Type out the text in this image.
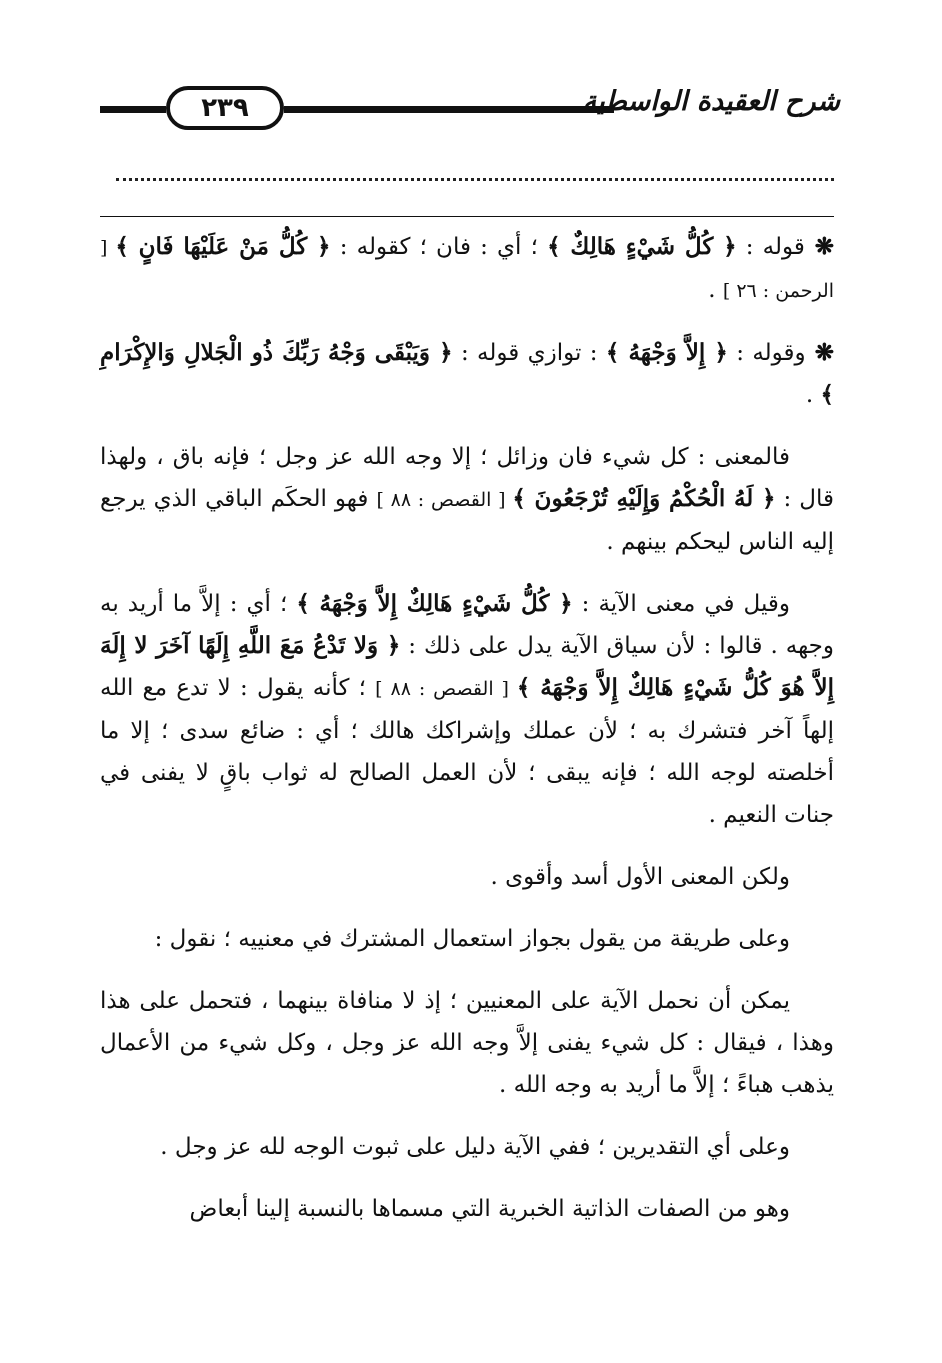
٢٣٩	شرح العقيدة الواسطية

❋ قوله : ﴿ كُلُّ شَيْءٍ هَالِكٌ ﴾ ؛ أي : فان ؛ كقوله : ﴿ كُلُّ مَنْ عَلَيْهَا فَانٍ ﴾ [ الرحمن : ٢٦ ] .

❋ وقوله : ﴿ إِلاَّ وَجْهَهُ ﴾ : توازي قوله : ﴿ وَيَبْقَى وَجْهُ رَبِّكَ ذُو الْجَلالِ وَالإِكْرَامِ ﴾ .

فالمعنى : كل شيء فان وزائل ؛ إلا وجه الله عز وجل ؛ فإنه باق ، ولهذا قال : ﴿ لَهُ الْحُكْمُ وَإِلَيْهِ تُرْجَعُونَ ﴾ [ القصص : ٨٨ ] فهو الحكَم الباقي الذي يرجع إليه الناس ليحكم بينهم .

وقيل في معنى الآية : ﴿ كُلُّ شَيْءٍ هَالِكٌ إِلاَّ وَجْهَهُ ﴾ ؛ أي : إلاَّ ما أريد به وجهه . قالوا : لأن سياق الآية يدل على ذلك : ﴿ وَلا تَدْعُ مَعَ اللَّهِ إِلَهًا آخَرَ لا إِلَهَ إِلاَّ هُوَ كُلُّ شَيْءٍ هَالِكٌ إِلاَّ وَجْهَهُ ﴾ [ القصص : ٨٨ ] ؛ كأنه يقول : لا تدع مع الله إلهاً آخر فتشرك به ؛ لأن عملك وإشراكك هالك ؛ أي : ضائع سدى ؛ إلا ما أخلصته لوجه الله ؛ فإنه يبقى ؛ لأن العمل الصالح له ثواب باقٍ لا يفنى في جنات النعيم .

ولكن المعنى الأول أسد وأقوى .

وعلى طريقة من يقول بجواز استعمال المشترك في معنييه ؛ نقول :

يمكن أن نحمل الآية على المعنيين ؛ إذ لا منافاة بينهما ، فتحمل على هذا وهذا ، فيقال : كل شيء يفنى إلاَّ وجه الله عز وجل ، وكل شيء من الأعمال يذهب هباءً ؛ إلاَّ ما أريد به وجه الله .

وعلى أي التقديرين ؛ ففي الآية دليل على ثبوت الوجه لله عز وجل .

وهو من الصفات الذاتية الخبرية التي مسماها بالنسبة إلينا أبعاض
